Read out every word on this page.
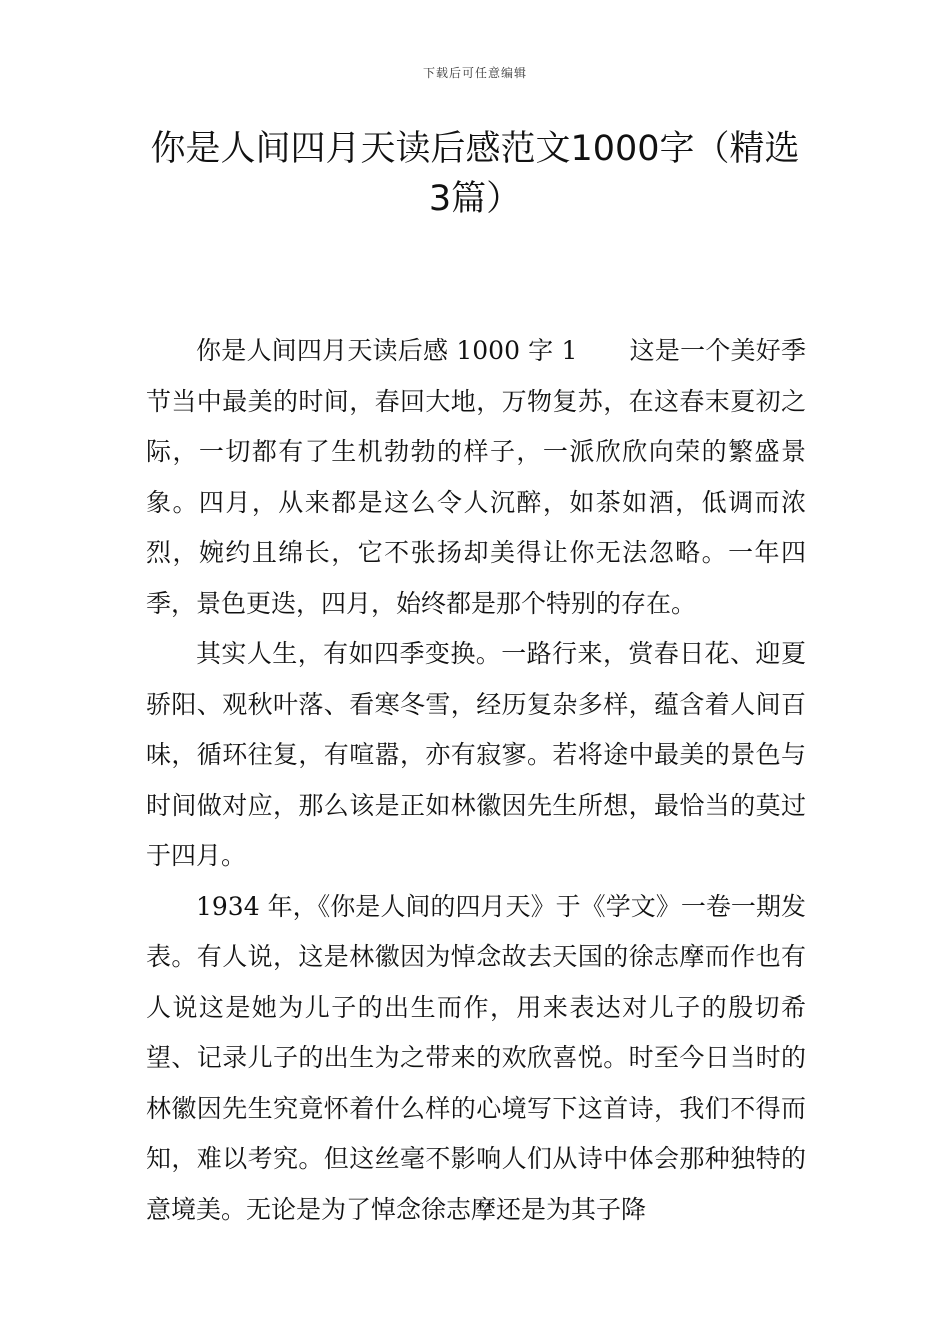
下载后可任意编辑
你是人间四月天读后感范文1000字（精选3篇）

你是人间四月天读后感 1000 字 1 这是一个美好季节当中最美的时间，春回大地，万物复苏，在这春末夏初之际，一切都有了生机勃勃的样子，一派欣欣向荣的繁盛景象。四月，从来都是这么令人沉醉，如茶如酒，低调而浓烈，婉约且绵长，它不张扬却美得让你无法忽略。一年四季，景色更迭，四月，始终都是那个特别的存在。

其实人生，有如四季变换。一路行来，赏春日花、迎夏骄阳、观秋叶落、看寒冬雪，经历复杂多样，蕴含着人间百味，循环往复，有喧嚣，亦有寂寥。若将途中最美的景色与时间做对应，那么该是正如林徽因先生所想，最恰当的莫过于四月。

1934 年，《你是人间的四月天》于《学文》一卷一期发表。有人说，这是林徽因为悼念故去天国的徐志摩而作也有人说这是她为儿子的出生而作，用来表达对儿子的殷切希望、记录儿子的出生为之带来的欢欣喜悦。时至今日当时的林徽因先生究竟怀着什么样的心境写下这首诗，我们不得而知，难以考究。但这丝毫不影响人们从诗中体会那种独特的意境美。无论是为了悼念徐志摩还是为其子降
